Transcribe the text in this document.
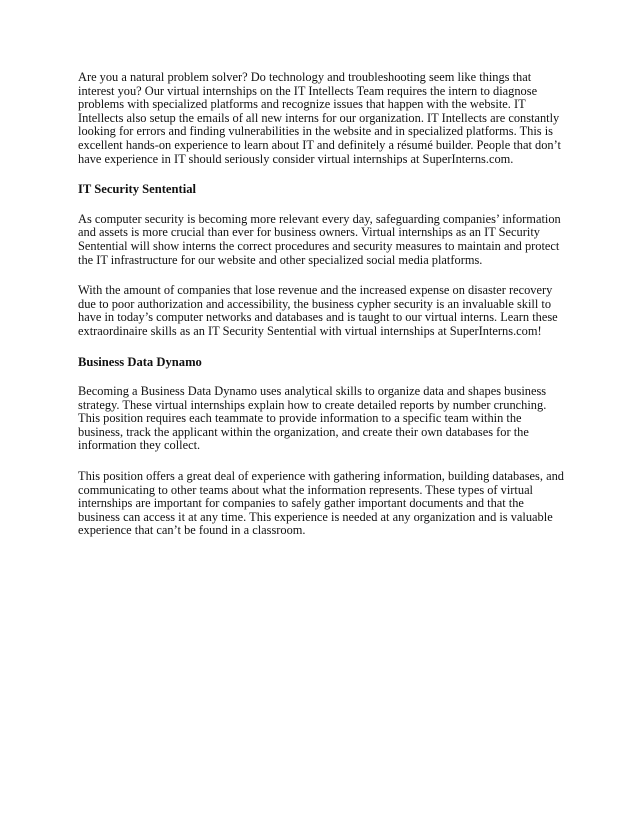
Are you a natural problem solver? Do technology and troubleshooting seem like things that interest you? Our virtual internships on the IT Intellects Team requires the intern to diagnose problems with specialized platforms and recognize issues that happen with the website. IT Intellects also setup the emails of all new interns for our organization. IT Intellects are constantly looking for errors and finding vulnerabilities in the website and in specialized platforms. This is excellent hands-on experience to learn about IT and definitely a résumé builder. People that don’t have experience in IT should seriously consider virtual internships at SuperInterns.com.

IT Security Sentential

As computer security is becoming more relevant every day, safeguarding companies’ information and assets is more crucial than ever for business owners. Virtual internships as an IT Security Sentential will show interns the correct procedures and security measures to maintain and protect the IT infrastructure for our website and other specialized social media platforms.

With the amount of companies that lose revenue and the increased expense on disaster recovery due to poor authorization and accessibility, the business cypher security is an invaluable skill to have in today’s computer networks and databases and is taught to our virtual interns. Learn these extraordinaire skills as an IT Security Sentential with virtual internships at SuperInterns.com!

Business Data Dynamo

Becoming a Business Data Dynamo uses analytical skills to organize data and shapes business strategy. These virtual internships explain how to create detailed reports by number crunching. This position requires each teammate to provide information to a specific team within the business, track the applicant within the organization, and create their own databases for the information they collect.

This position offers a great deal of experience with gathering information, building databases, and communicating to other teams about what the information represents. These types of virtual internships are important for companies to safely gather important documents and that the business can access it at any time. This experience is needed at any organization and is valuable experience that can’t be found in a classroom.
